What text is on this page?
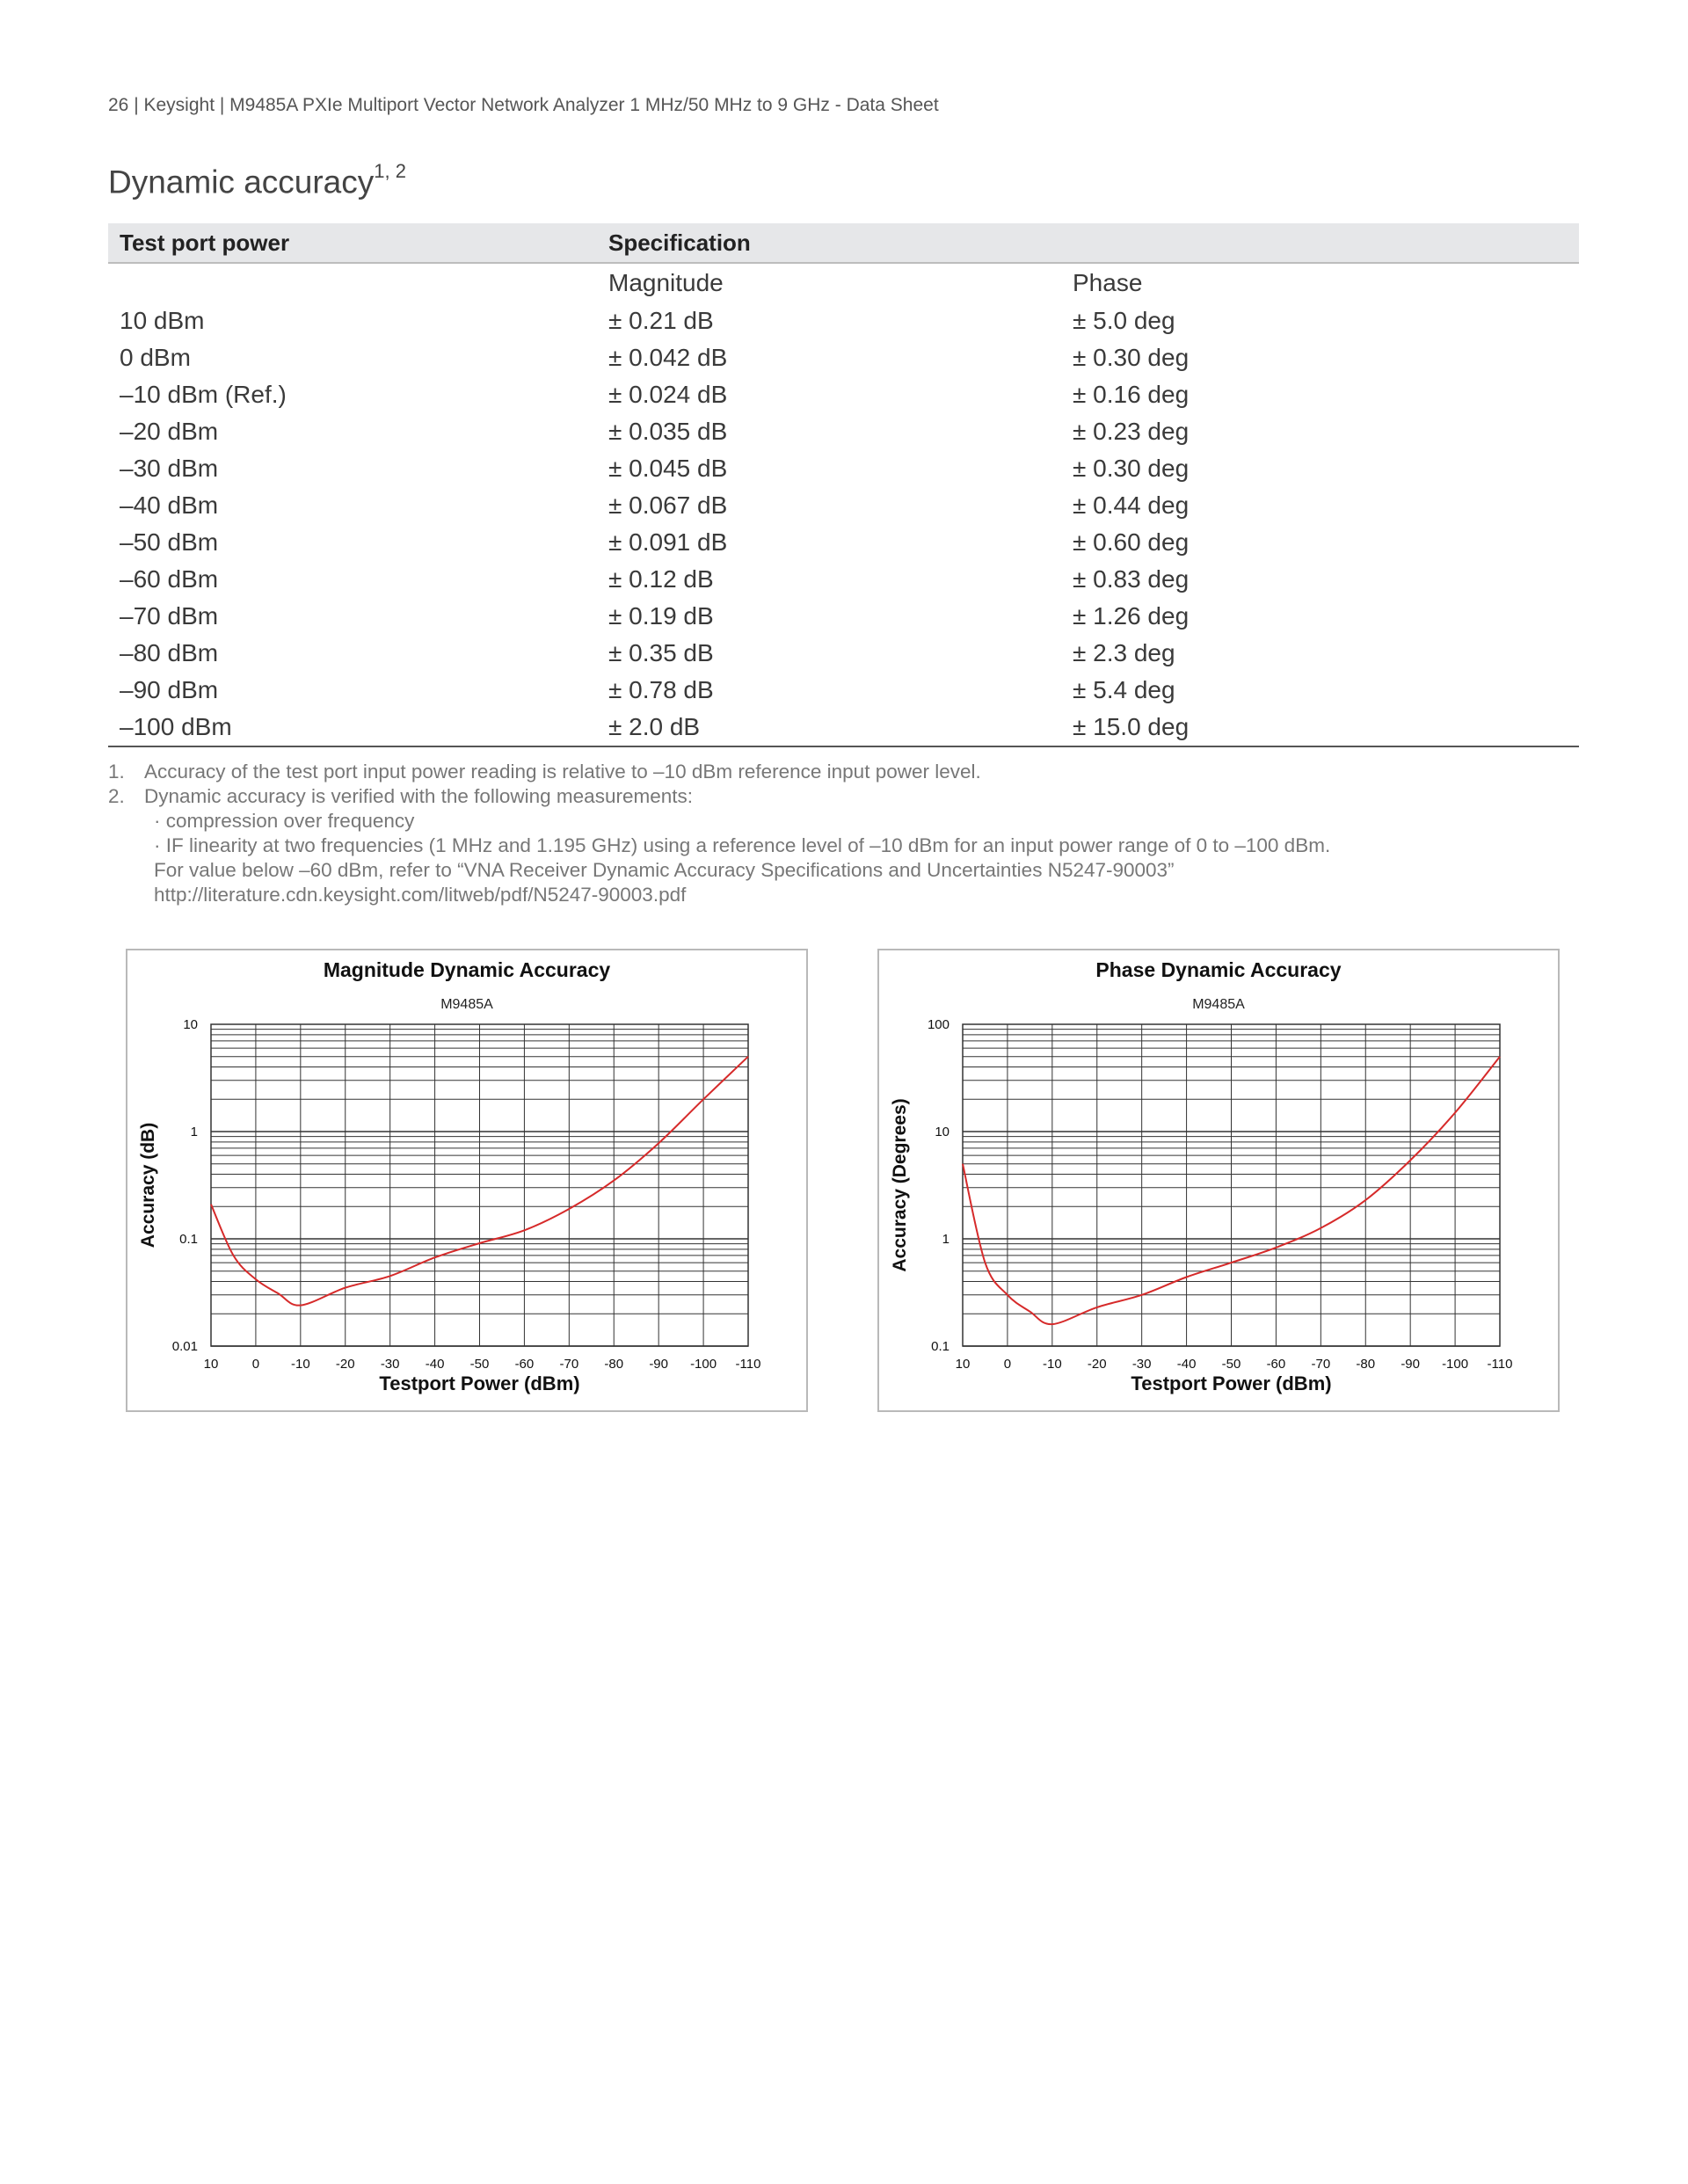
26 | Keysight | M9485A PXIe Multiport Vector Network Analyzer 1 MHz/50 MHz to 9 GHz - Data Sheet
Dynamic accuracy$^{1, 2}$
Test port power	Specification	
	Magnitude	Phase
10 dBm	± 0.21 dB	± 5.0 deg
0 dBm	± 0.042 dB	± 0.30 deg
–10 dBm (Ref.)	± 0.024 dB	± 0.16 deg
–20 dBm	± 0.035 dB	± 0.23 deg
–30 dBm	± 0.045 dB	± 0.30 deg
–40 dBm	± 0.067 dB	± 0.44 deg
–50 dBm	± 0.091 dB	± 0.60 deg
–60 dBm	± 0.12 dB	± 0.83 deg
–70 dBm	± 0.19 dB	± 1.26 deg
–80 dBm	± 0.35 dB	± 2.3 deg
–90 dBm	± 0.78 dB	± 5.4 deg
–100 dBm	± 2.0 dB	± 15.0 deg
1. Accuracy of the test port input power reading is relative to –10 dBm reference input power level.
2. Dynamic accuracy is verified with the following measurements:
· compression over frequency
· IF linearity at two frequencies (1 MHz and 1.195 GHz) using a reference level of –10 dBm for an input power range of 0 to –100 dBm.
For value below –60 dBm, refer to “VNA Receiver Dynamic Accuracy Specifications and Uncertainties N5247-90003”
http://literature.cdn.keysight.com/litweb/pdf/N5247-90003.pdf
Magnitude Dynamic Accuracy
M9485A
0.01
0.1
1
10
10	0 -10 -20 -30 -40 -50 -60 -70 -80 -90 -100 -110
Testport Power (dBm)
Accuracy (dB)
Phase Dynamic Accuracy
M9485A
0.1
1
10
100
10	0 -10 -20 -30 -40 -50 -60 -70 -80 -90 -100 -110
Testport Power (dBm)
Accuracy (Degrees)
